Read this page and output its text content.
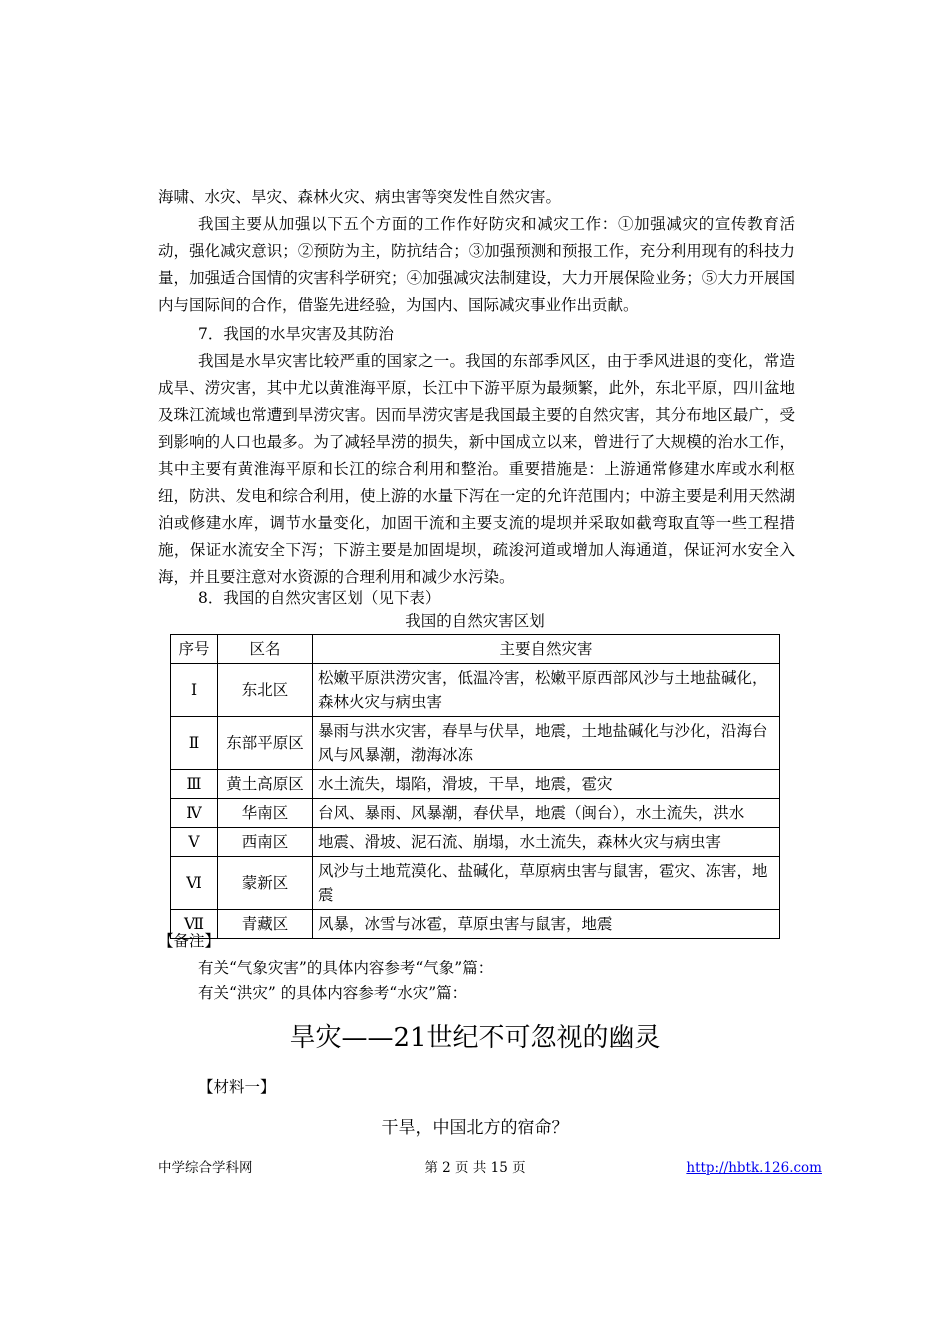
海啸、水灾、旱灾、森林火灾、病虫害等突发性自然灾害。

我国主要从加强以下五个方面的工作作好防灾和减灾工作：①加强减灾的宣传教育活动，强化减灾意识；②预防为主，防抗结合；③加强预测和预报工作，充分利用现有的科技力量，加强适合国情的灾害科学研究；④加强减灾法制建设，大力开展保险业务；⑤大力开展国内与国际间的合作，借鉴先进经验，为国内、国际减灾事业作出贡献。

7．我国的水旱灾害及其防治

我国是水旱灾害比较严重的国家之一。我国的东部季风区，由于季风进退的变化，常造成旱、涝灾害，其中尤以黄淮海平原，长江中下游平原为最频繁，此外，东北平原，四川盆地及珠江流域也常遭到旱涝灾害。因而旱涝灾害是我国最主要的自然灾害，其分布地区最广，受到影响的人口也最多。为了减轻旱涝的损失，新中国成立以来，曾进行了大规模的治水工作，其中主要有黄淮海平原和长江的综合利用和整治。重要措施是：上游通常修建水库或水利枢纽，防洪、发电和综合利用，使上游的水量下泻在一定的允许范围内；中游主要是利用天然湖泊或修建水库，调节水量变化，加固干流和主要支流的堤坝并采取如截弯取直等一些工程措施，保证水流安全下泻；下游主要是加固堤坝，疏浚河道或增加人海通道，保证河水安全入海，并且要注意对水资源的合理利用和减少水污染。

8．我国的自然灾害区划（见下表）

我国的自然灾害区划
序号	区名	主要自然灾害
Ⅰ	东北区	松嫩平原洪涝灾害，低温冷害，松嫩平原西部风沙与土地盐碱化，森林火灾与病虫害
Ⅱ	东部平原区	暴雨与洪水灾害，春旱与伏旱，地震，土地盐碱化与沙化，沿海台风与风暴潮，渤海冰冻
Ⅲ	黄土高原区	水土流失，塌陷，滑坡，干旱，地震，雹灾
Ⅳ	华南区	台风、暴雨、风暴潮，春伏旱，地震（闽台），水土流失，洪水
Ⅴ	西南区	地震、滑坡、泥石流、崩塌，水土流失，森林火灾与病虫害
Ⅵ	蒙新区	风沙与土地荒漠化、盐碱化，草原病虫害与鼠害，雹灾、冻害，地震
Ⅶ	青藏区	风暴，冰雪与冰雹，草原虫害与鼠害，地震
【备注】
有关“气象灾害”的具体内容参考“气象”篇：
有关“洪灾” 的具体内容参考“水灾”篇：
旱灾——21世纪不可忽视的幽灵
【材料一】
干旱，中国北方的宿命？
中学综合学科网	第 2 页 共 15 页	http://hbtk.126.com
